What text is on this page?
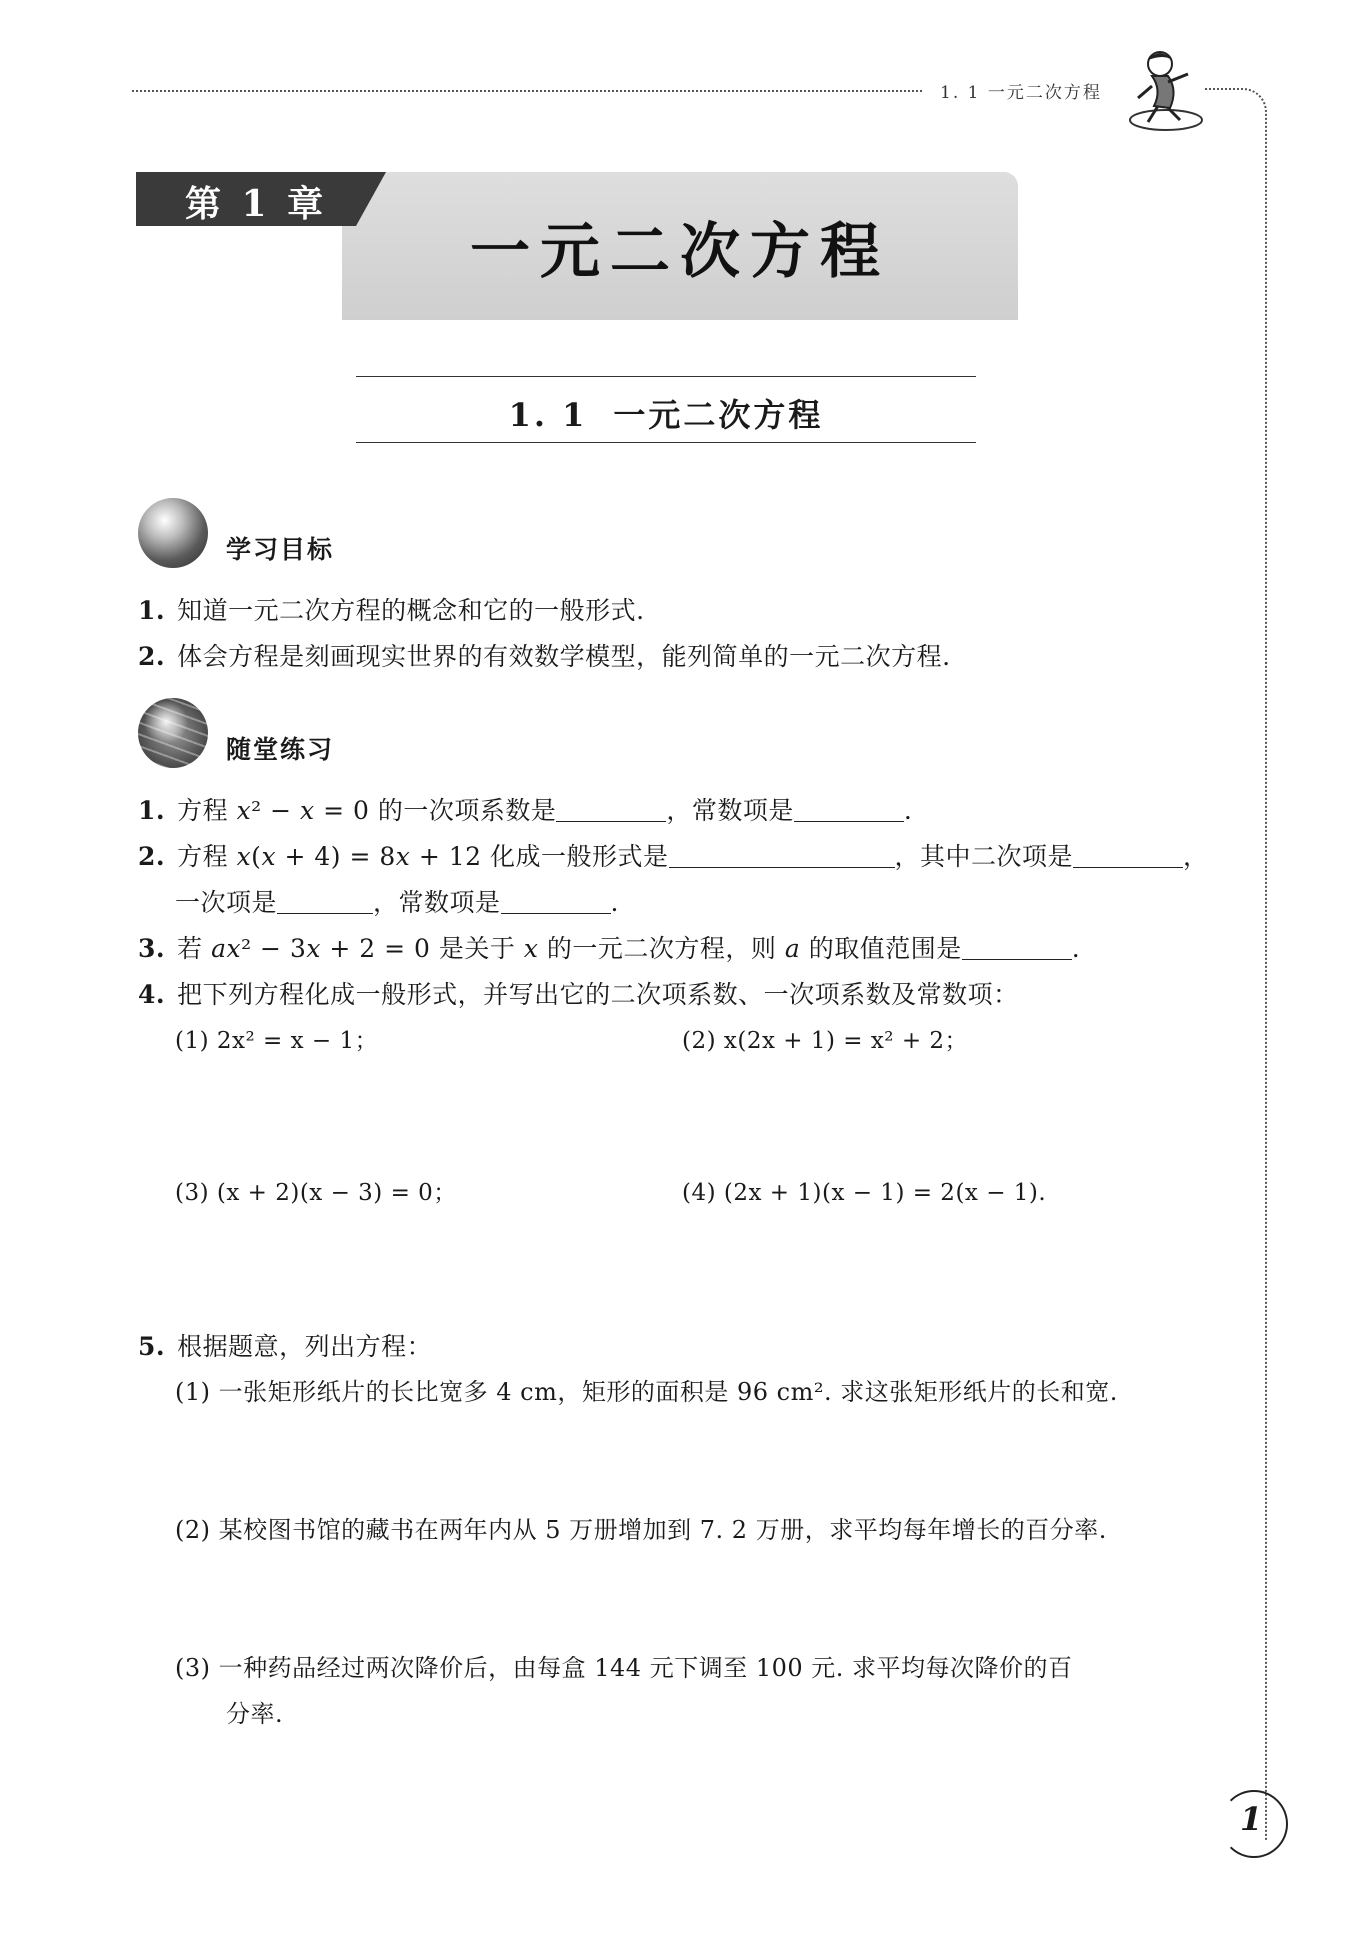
1. 1 一元二次方程
第 1 章
一元二次方程
1. 1 一元二次方程
学习目标
1. 知道一元二次方程的概念和它的一般形式.
2. 体会方程是刻画现实世界的有效数学模型，能列简单的一元二次方程.
随堂练习
1. 方程 x² − x = 0 的一次项系数是	，常数项是	.
2. 方程 x(x + 4) = 8x + 12 化成一般形式是	，其中二次项是	，
一次项是	，常数项是	.
3. 若 ax² − 3x + 2 = 0 是关于 x 的一元二次方程，则 a 的取值范围是	.
4. 把下列方程化成一般形式，并写出它的二次项系数、一次项系数及常数项：
(1) 2x² = x − 1；	(2) x(2x + 1) = x² + 2；
(3) (x + 2)(x − 3) = 0；	(4) (2x + 1)(x − 1) = 2(x − 1).
5. 根据题意，列出方程：
(1) 一张矩形纸片的长比宽多 4 cm，矩形的面积是 96 cm². 求这张矩形纸片的长和宽.
(2) 某校图书馆的藏书在两年内从 5 万册增加到 7. 2 万册，求平均每年增长的百分率.
(3) 一种药品经过两次降价后，由每盒 144 元下调至 100 元. 求平均每次降价的百
分率.
1
